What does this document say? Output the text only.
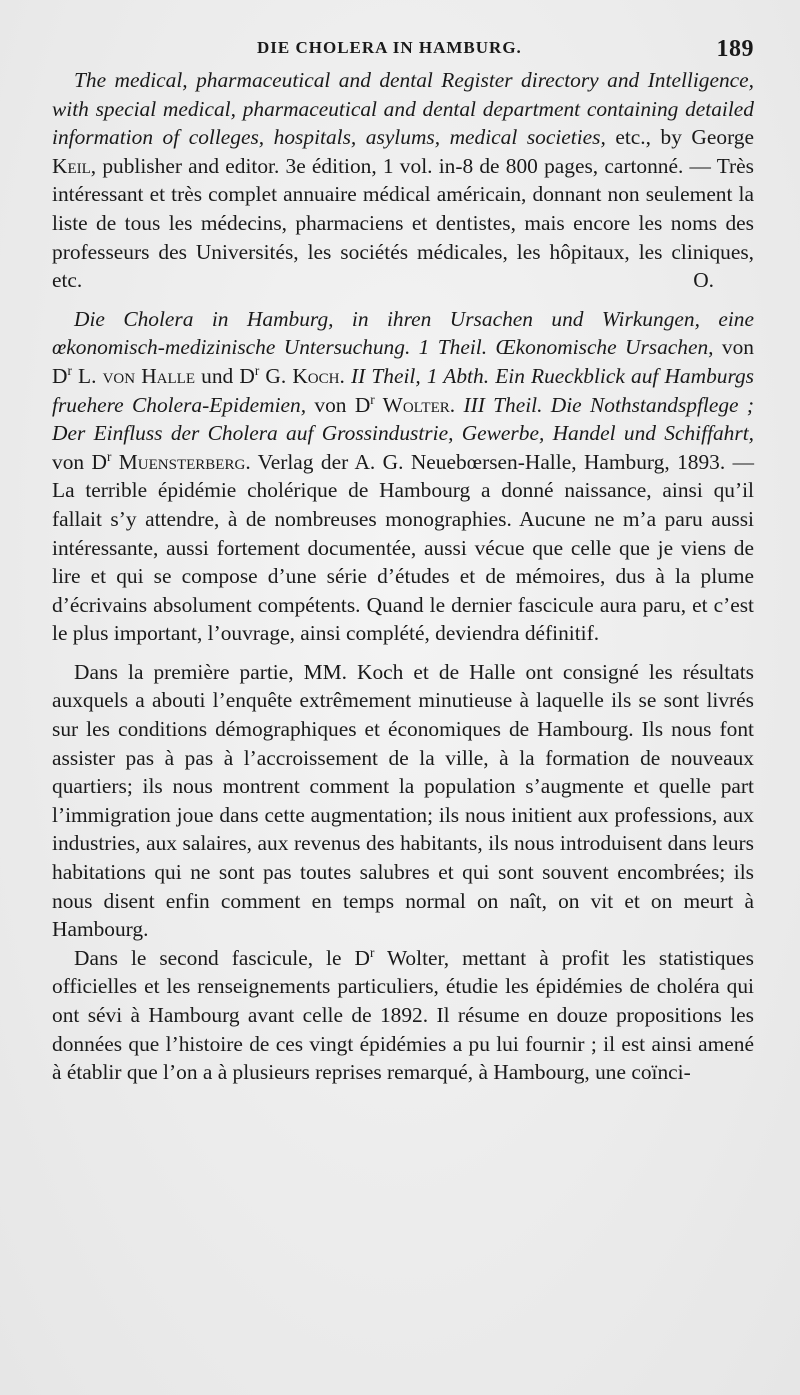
DIE CHOLERA IN HAMBURG.	189

The medical, pharmaceutical and dental Register directory and Intelligence, with special medical, pharmaceutical and dental department containing detailed information of colleges, hospitals, asylums, medical societies, etc., by George Keil, publisher and editor. 3e édition, 1 vol. in-8 de 800 pages, cartonné. — Très intéressant et très complet annuaire médical américain, donnant non seulement la liste de tous les médecins, pharmaciens et dentistes, mais encore les noms des professeurs des Universités, les sociétés médicales, les hôpitaux, les cliniques, etc.	O.

Die Cholera in Hamburg, in ihren Ursachen und Wirkungen, eine œkonomisch-medizinische Untersuchung. 1 Theil. Œkonomische Ursachen, von $D^r$ L. von Halle und $D^r$ G. Koch. II Theil, 1 Abth. Ein Rueckblick auf Hamburgs fruehere Cholera-Epidemien, von $D^r$ Wolter. III Theil. Die Nothstandspflege ; Der Einfluss der Cholera auf Grossindustrie, Gewerbe, Handel und Schiffahrt, von $D^r$ Muensterberg. Verlag der A. G. Neuebœrsen-Halle, Hamburg, 1893. — La terrible épidémie cholérique de Hambourg a donné naissance, ainsi qu’il fallait s’y attendre, à de nombreuses monographies. Aucune ne m’a paru aussi intéressante, aussi fortement documentée, aussi vécue que celle que je viens de lire et qui se compose d’une série d’études et de mémoires, dus à la plume d’écrivains absolument compétents. Quand le dernier fascicule aura paru, et c’est le plus important, l’ouvrage, ainsi complété, deviendra définitif.

Dans la première partie, MM. Koch et de Halle ont consigné les résultats auxquels a abouti l’enquête extrêmement minutieuse à laquelle ils se sont livrés sur les conditions démographiques et économiques de Hambourg. Ils nous font assister pas à pas à l’accroissement de la ville, à la formation de nouveaux quartiers; ils nous montrent comment la population s’augmente et quelle part l’immigration joue dans cette augmentation; ils nous initient aux professions, aux industries, aux salaires, aux revenus des habitants, ils nous introduisent dans leurs habitations qui ne sont pas toutes salubres et qui sont souvent encombrées; ils nous disent enfin comment en temps normal on naît, on vit et on meurt à Hambourg.

Dans le second fascicule, le $D^r$ Wolter, mettant à profit les statistiques officielles et les renseignements particuliers, étudie les épidémies de choléra qui ont sévi à Hambourg avant celle de 1892. Il résume en douze propositions les données que l’histoire de ces vingt épidémies a pu lui fournir ; il est ainsi amené à établir que l’on a à plusieurs reprises remarqué, à Hambourg, une coïnci-
